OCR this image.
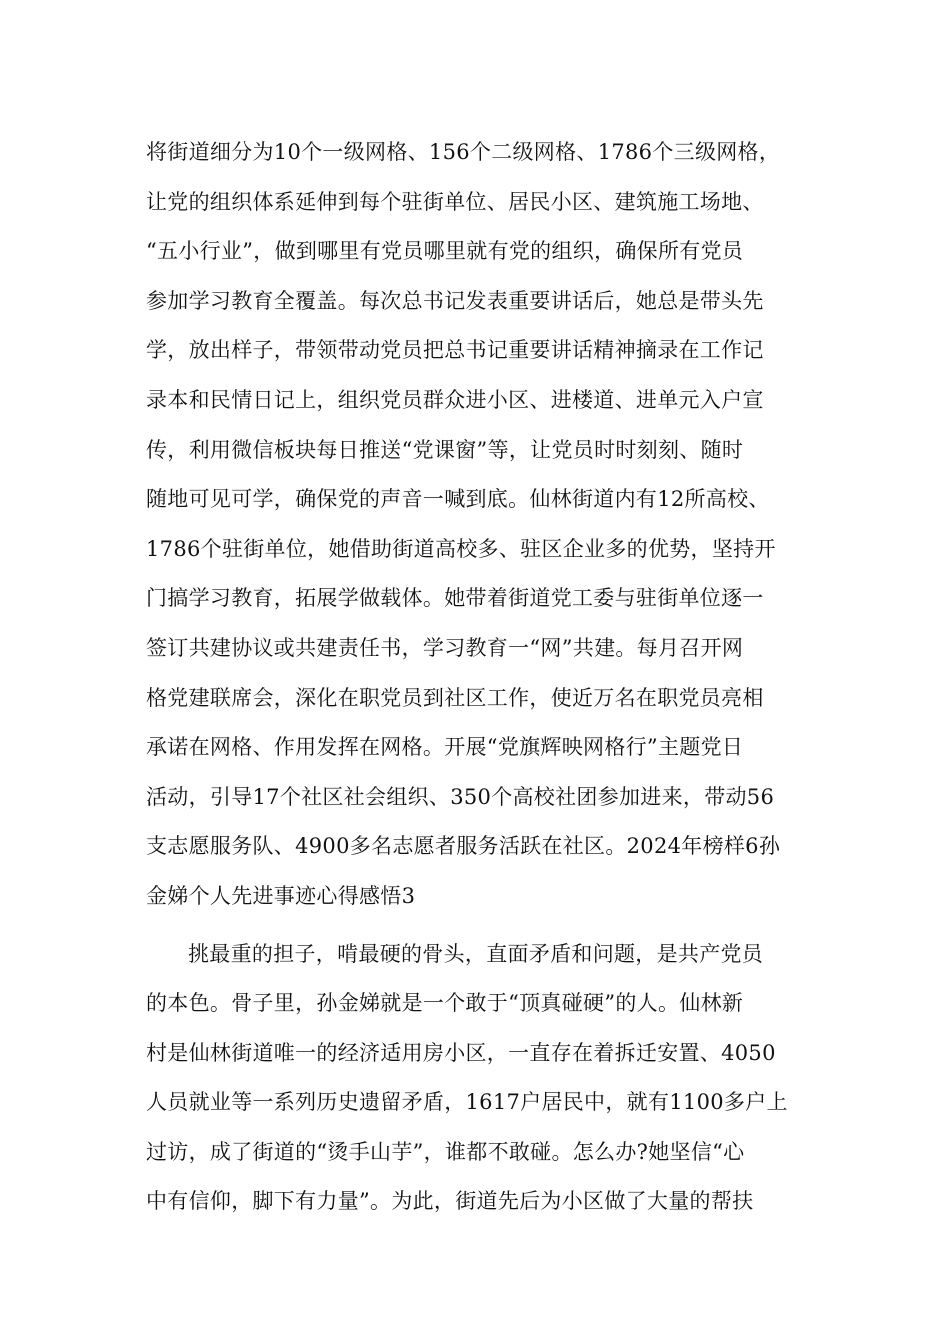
将街道细分为10个一级网格、156个二级网格、1786个三级网格，
让党的组织体系延伸到每个驻街单位、居民小区、建筑施工场地、
“五小行业”，做到哪里有党员哪里就有党的组织，确保所有党员
参加学习教育全覆盖。每次总书记发表重要讲话后，她总是带头先
学，放出样子，带领带动党员把总书记重要讲话精神摘录在工作记
录本和民情日记上，组织党员群众进小区、进楼道、进单元入户宣
传，利用微信板块每日推送“党课窗”等，让党员时时刻刻、随时
随地可见可学，确保党的声音一喊到底。仙林街道内有12所高校、
1786个驻街单位，她借助街道高校多、驻区企业多的优势，坚持开
门搞学习教育，拓展学做载体。她带着街道党工委与驻街单位逐一
签订共建协议或共建责任书，学习教育一“网”共建。每月召开网
格党建联席会，深化在职党员到社区工作，使近万名在职党员亮相
承诺在网格、作用发挥在网格。开展“党旗辉映网格行”主题党日
活动，引导17个社区社会组织、350个高校社团参加进来，带动56
支志愿服务队、4900多名志愿者服务活跃在社区。2024年榜样6孙
金娣个人先进事迹心得感悟3
挑最重的担子，啃最硬的骨头，直面矛盾和问题，是共产党员
的本色。骨子里，孙金娣就是一个敢于“顶真碰硬”的人。仙林新
村是仙林街道唯一的经济适用房小区，一直存在着拆迁安置、4050
人员就业等一系列历史遗留矛盾，1617户居民中，就有1100多户上
过访，成了街道的“烫手山芋”，谁都不敢碰。怎么办?她坚信“心
中有信仰，脚下有力量”。为此，街道先后为小区做了大量的帮扶
